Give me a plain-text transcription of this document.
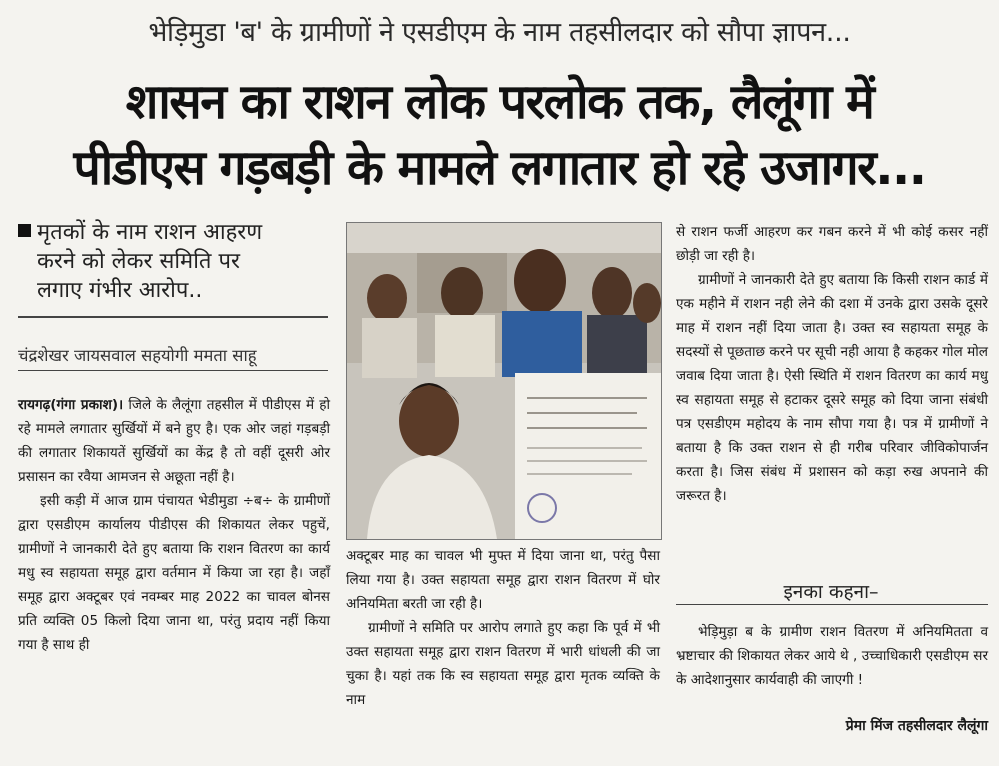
भेड़िमुडा 'ब' के ग्रामीणों ने एसडीएम के नाम तहसीलदार को सौपा ज्ञापन...
शासन का राशन लोक परलोक तक, लैलूंगा में
पीडीएस गड़बड़ी के मामले लगातार हो रहे उजागर...
मृतकों के नाम राशन आहरण
करने को लेकर समिति पर
लगाए गंभीर आरोप..
चंद्रशेखर जायसवाल सहयोगी ममता साहू

रायगढ़(गंगा प्रकाश)। जिले के लैलूंगा तहसील में पीडीएस में हो रहे मामले लगातार सुर्खियों में बने हुए है। एक ओर जहां गड़बड़ी की लगातार शिकायतें सुर्खियों का केंद्र है तो वहीं दूसरी ओर प्रसासन का रवैया आमजन से अछूता नहीं है।

इसी कड़ी में आज ग्राम पंचायत भेडीमुडा ÷ब÷ के ग्रामीणों द्वारा एसडीएम कार्यालय पीडीएस की शिकायत लेकर पहुचें, ग्रामीणों ने जानकारी देते हुए बताया कि राशन वितरण का कार्य मधु स्व सहायता समूह द्वारा वर्तमान में किया जा रहा है। जहाँ समूह द्वारा अक्टूबर एवं नवम्बर माह 2022 का चावल बोनस प्रति व्यक्ति 05 किलो दिया जाना था, परंतु प्रदाय नहीं किया गया है साथ ही

अक्टूबर माह का चावल भी मुफ्त में दिया जाना था, परंतु पैसा लिया गया है। उक्त सहायता समूह द्वारा राशन वितरण में घोर अनियमिता बरती जा रही है।

ग्रामीणों ने समिति पर आरोप लगाते हुए कहा कि पूर्व में भी उक्त सहायता समूह द्वारा राशन वितरण में भारी धांधली की जा चुका है। यहां तक कि स्व सहायता समूह द्वारा मृतक व्यक्ति के नाम

से राशन फर्जी आहरण कर गबन करने में भी कोई कसर नहीं छोड़ी जा रही है।

ग्रामीणों ने जानकारी देते हुए बताया कि किसी राशन कार्ड में एक महीने में राशन नही लेने की दशा में उनके द्वारा उसके दूसरे माह में राशन नहीं दिया जाता है। उक्त स्व सहायता समूह के सदस्यों से पूछताछ करने पर सूची नही आया है कहकर गोल मोल जवाब दिया जाता है। ऐसी स्थिति में राशन वितरण का कार्य मधु स्व सहायता समूह से हटाकर दूसरे समूह को दिया जाना संबंधी पत्र एसडीएम महोदय के नाम सौपा गया है। पत्र में ग्रामीणों ने बताया है कि उक्त राशन से ही गरीब परिवार जीविकोपार्जन करता है। जिस संबंध में प्रशासन को कड़ा रुख अपनाने की जरूरत है।

इनका कहना–

भेड़िमुड़ा ब के ग्रामीण राशन वितरण में अनियमितता व भ्रष्टाचार की शिकायत लेकर आये थे , उच्चाधिकारी एसडीएम सर के आदेशानुसार कार्यवाही की जाएगी !

प्रेमा मिंज तहसीलदार लैलूंगा
